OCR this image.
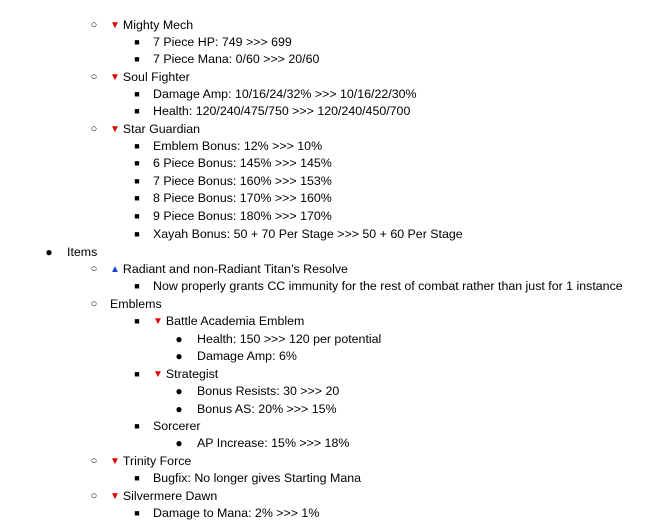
○ ▼ Mighty Mech
■ 7 Piece HP: 749 >>> 699
■ 7 Piece Mana: 0/60 >>> 20/60
○ ▼ Soul Fighter
■ Damage Amp: 10/16/24/32% >>> 10/16/22/30%
■ Health: 120/240/475/750 >>> 120/240/450/700
○ ▼ Star Guardian
■ Emblem Bonus: 12% >>> 10%
■ 6 Piece Bonus: 145% >>> 145%
■ 7 Piece Bonus: 160% >>> 153%
■ 8 Piece Bonus: 170% >>> 160%
■ 9 Piece Bonus: 180% >>> 170%
■ Xayah Bonus: 50 + 70 Per Stage >>> 50 + 60 Per Stage
● Items
○ ▲ Radiant and non-Radiant Titan’s Resolve
■ Now properly grants CC immunity for the rest of combat rather than just for 1 instance
○ Emblems
■	▼ Battle Academia Emblem
● Health: 150 >>> 120 per potential
● Damage Amp: 6%
■	▼ Strategist
● Bonus Resists: 30 >>> 20
● Bonus AS: 20% >>> 15%
■ Sorcerer
● AP Increase: 15% >>> 18%
○ ▼ Trinity Force
■ Bugfix: No longer gives Starting Mana
○ ▼ Silvermere Dawn
■ Damage to Mana: 2% >>> 1%
